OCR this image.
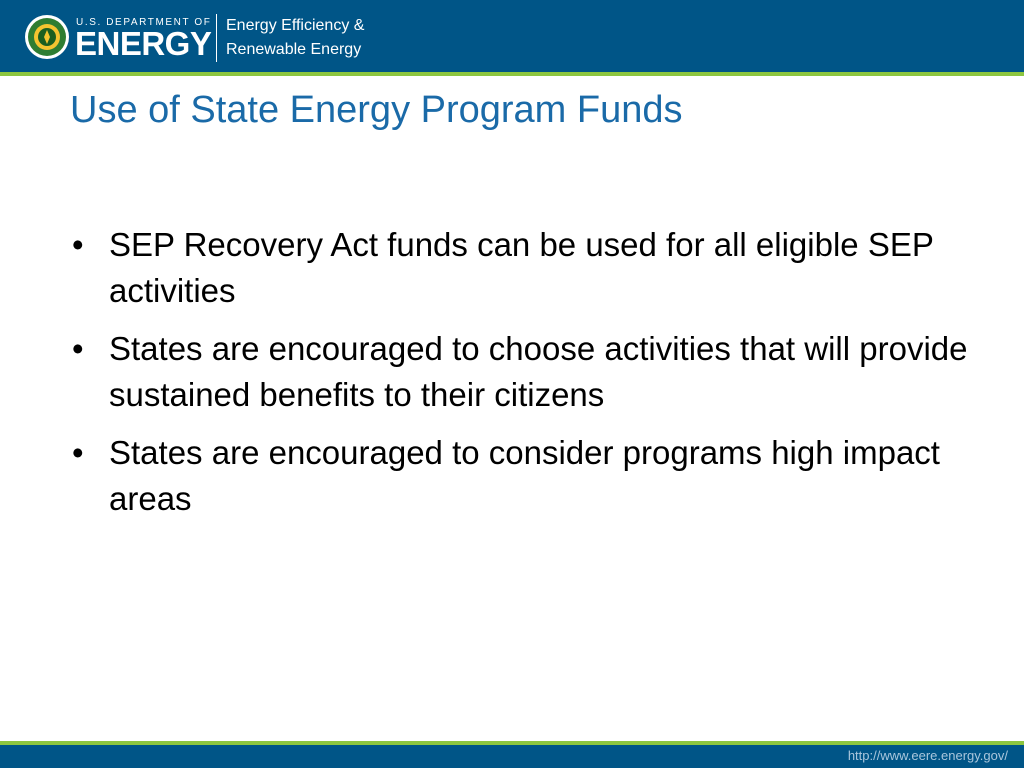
U.S. DEPARTMENT OF
ENERGY Energy Efficiency &
Renewable Energy
Use of State Energy Program Funds
• SEP Recovery Act funds can be used for all eligible SEP activities
• States are encouraged to choose activities that will provide sustained benefits to their citizens
• States are encouraged to consider programs high impact areas
http://www.eere.energy.gov/
